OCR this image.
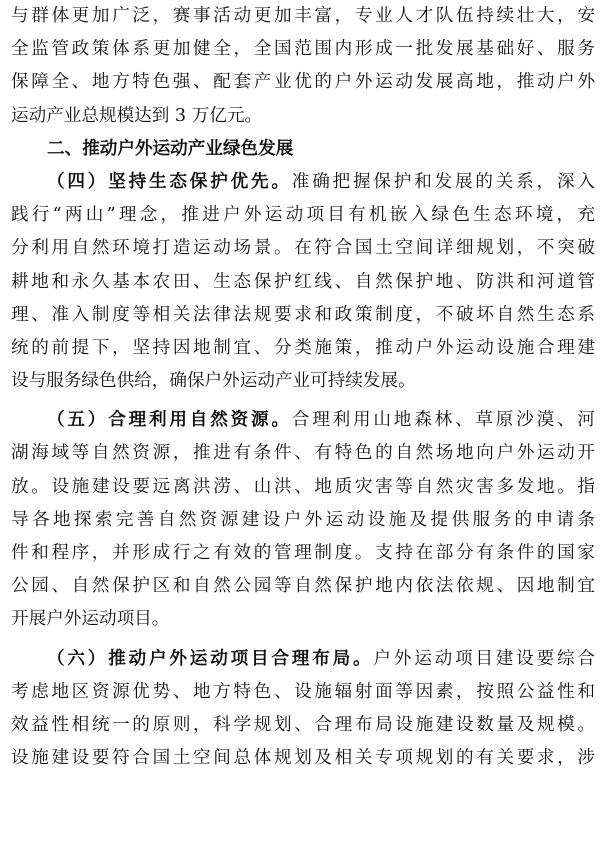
与群体更加广泛，赛事活动更加丰富，专业人才队伍持续壮大，安
全监管政策体系更加健全，全国范围内形成一批发展基础好、服务
保障全、地方特色强、配套产业优的户外运动发展高地，推动户外
运动产业总规模达到 3 万亿元。
二、推动户外运动产业绿色发展
（四）坚持生态保护优先。准确把握保护和发展的关系，深入
践行“两山”理念，推进户外运动项目有机嵌入绿色生态环境，充
分利用自然环境打造运动场景。在符合国土空间详细规划，不突破
耕地和永久基本农田、生态保护红线、自然保护地、防洪和河道管
理、准入制度等相关法律法规要求和政策制度，不破坏自然生态系
统的前提下，坚持因地制宜、分类施策，推动户外运动设施合理建
设与服务绿色供给，确保户外运动产业可持续发展。
（五）合理利用自然资源。合理利用山地森林、草原沙漠、河
湖海域等自然资源，推进有条件、有特色的自然场地向户外运动开
放。设施建设要远离洪涝、山洪、地质灾害等自然灾害多发地。指
导各地探索完善自然资源建设户外运动设施及提供服务的申请条
件和程序，并形成行之有效的管理制度。支持在部分有条件的国家
公园、自然保护区和自然公园等自然保护地内依法依规、因地制宜
开展户外运动项目。
（六）推动户外运动项目合理布局。户外运动项目建设要综合
考虑地区资源优势、地方特色、设施辐射面等因素，按照公益性和
效益性相统一的原则，科学规划、合理布局设施建设数量及规模。
设施建设要符合国土空间总体规划及相关专项规划的有关要求，涉
